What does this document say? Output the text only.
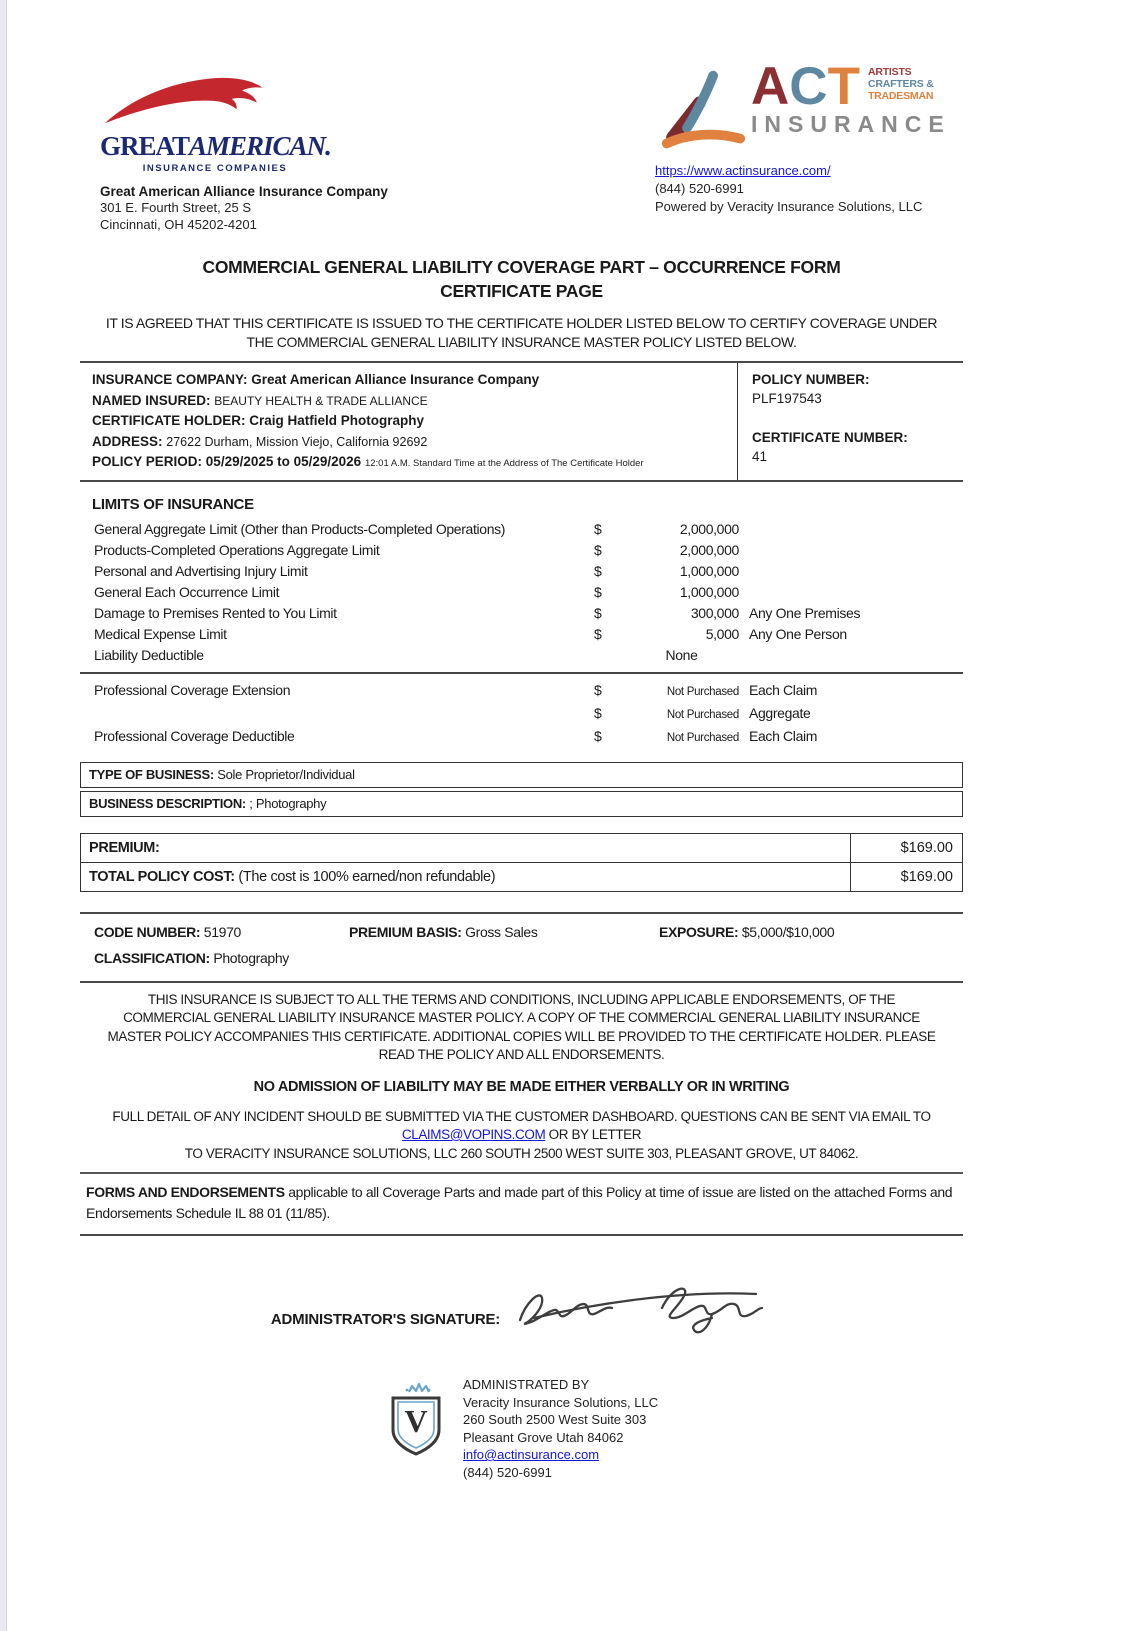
GREATAMERICAN.
INSURANCE COMPANIES
Great American Alliance Insurance Company
301 E. Fourth Street, 25 S
Cincinnati, OH 45202-4201
ACT ARTISTS
CRAFTERS &
TRADESMAN
INSURANCE
https://www.actinsurance.com/
(844) 520-6991
Powered by Veracity Insurance Solutions, LLC
COMMERCIAL GENERAL LIABILITY COVERAGE PART – OCCURRENCE FORM
CERTIFICATE PAGE
IT IS AGREED THAT THIS CERTIFICATE IS ISSUED TO THE CERTIFICATE HOLDER LISTED BELOW TO CERTIFY COVERAGE UNDER THE COMMERCIAL GENERAL LIABILITY INSURANCE MASTER POLICY LISTED BELOW.
INSURANCE COMPANY: Great American Alliance Insurance Company
NAMED INSURED: BEAUTY HEALTH & TRADE ALLIANCE
CERTIFICATE HOLDER: Craig Hatfield Photography
ADDRESS: 27622 Durham, Mission Viejo, California 92692
POLICY PERIOD: 05/29/2025 to 05/29/2026 12:01 A.M. Standard Time at the Address of The Certificate Holder
POLICY NUMBER:
PLF197543
CERTIFICATE NUMBER:
41
LIMITS OF INSURANCE
General Aggregate Limit (Other than Products-Completed Operations)	$	2,000,000
Products-Completed Operations Aggregate Limit	$	2,000,000
Personal and Advertising Injury Limit	$	1,000,000
General Each Occurrence Limit	$	1,000,000
Damage to Premises Rented to You Limit	$	300,000 Any One Premises
Medical Expense Limit	$	5,000 Any One Person
Liability Deductible	None
Professional Coverage Extension	$	Not Purchased Each Claim
$	Not Purchased Aggregate
Professional Coverage Deductible	$	Not Purchased Each Claim
TYPE OF BUSINESS: Sole Proprietor/Individual
BUSINESS DESCRIPTION: ; Photography
PREMIUM:	$169.00
TOTAL POLICY COST: (The cost is 100% earned/non refundable)	$169.00
CODE NUMBER: 51970	PREMIUM BASIS: Gross Sales	EXPOSURE: $5,000/$10,000
CLASSIFICATION: Photography
THIS INSURANCE IS SUBJECT TO ALL THE TERMS AND CONDITIONS, INCLUDING APPLICABLE ENDORSEMENTS, OF THE COMMERCIAL GENERAL LIABILITY INSURANCE MASTER POLICY. A COPY OF THE COMMERCIAL GENERAL LIABILITY INSURANCE MASTER POLICY ACCOMPANIES THIS CERTIFICATE. ADDITIONAL COPIES WILL BE PROVIDED TO THE CERTIFICATE HOLDER. PLEASE READ THE POLICY AND ALL ENDORSEMENTS.
NO ADMISSION OF LIABILITY MAY BE MADE EITHER VERBALLY OR IN WRITING
FULL DETAIL OF ANY INCIDENT SHOULD BE SUBMITTED VIA THE CUSTOMER DASHBOARD. QUESTIONS CAN BE SENT VIA EMAIL TO CLAIMS@VOPINS.COM OR BY LETTER
TO VERACITY INSURANCE SOLUTIONS, LLC 260 SOUTH 2500 WEST SUITE 303, PLEASANT GROVE, UT 84062.
FORMS AND ENDORSEMENTS applicable to all Coverage Parts and made part of this Policy at time of issue are listed on the attached Forms and Endorsements Schedule IL 88 01 (11/85).
ADMINISTRATOR'S SIGNATURE:
V
ADMINISTRATED BY
Veracity Insurance Solutions, LLC
260 South 2500 West Suite 303
Pleasant Grove Utah 84062
info@actinsurance.com
(844) 520-6991
